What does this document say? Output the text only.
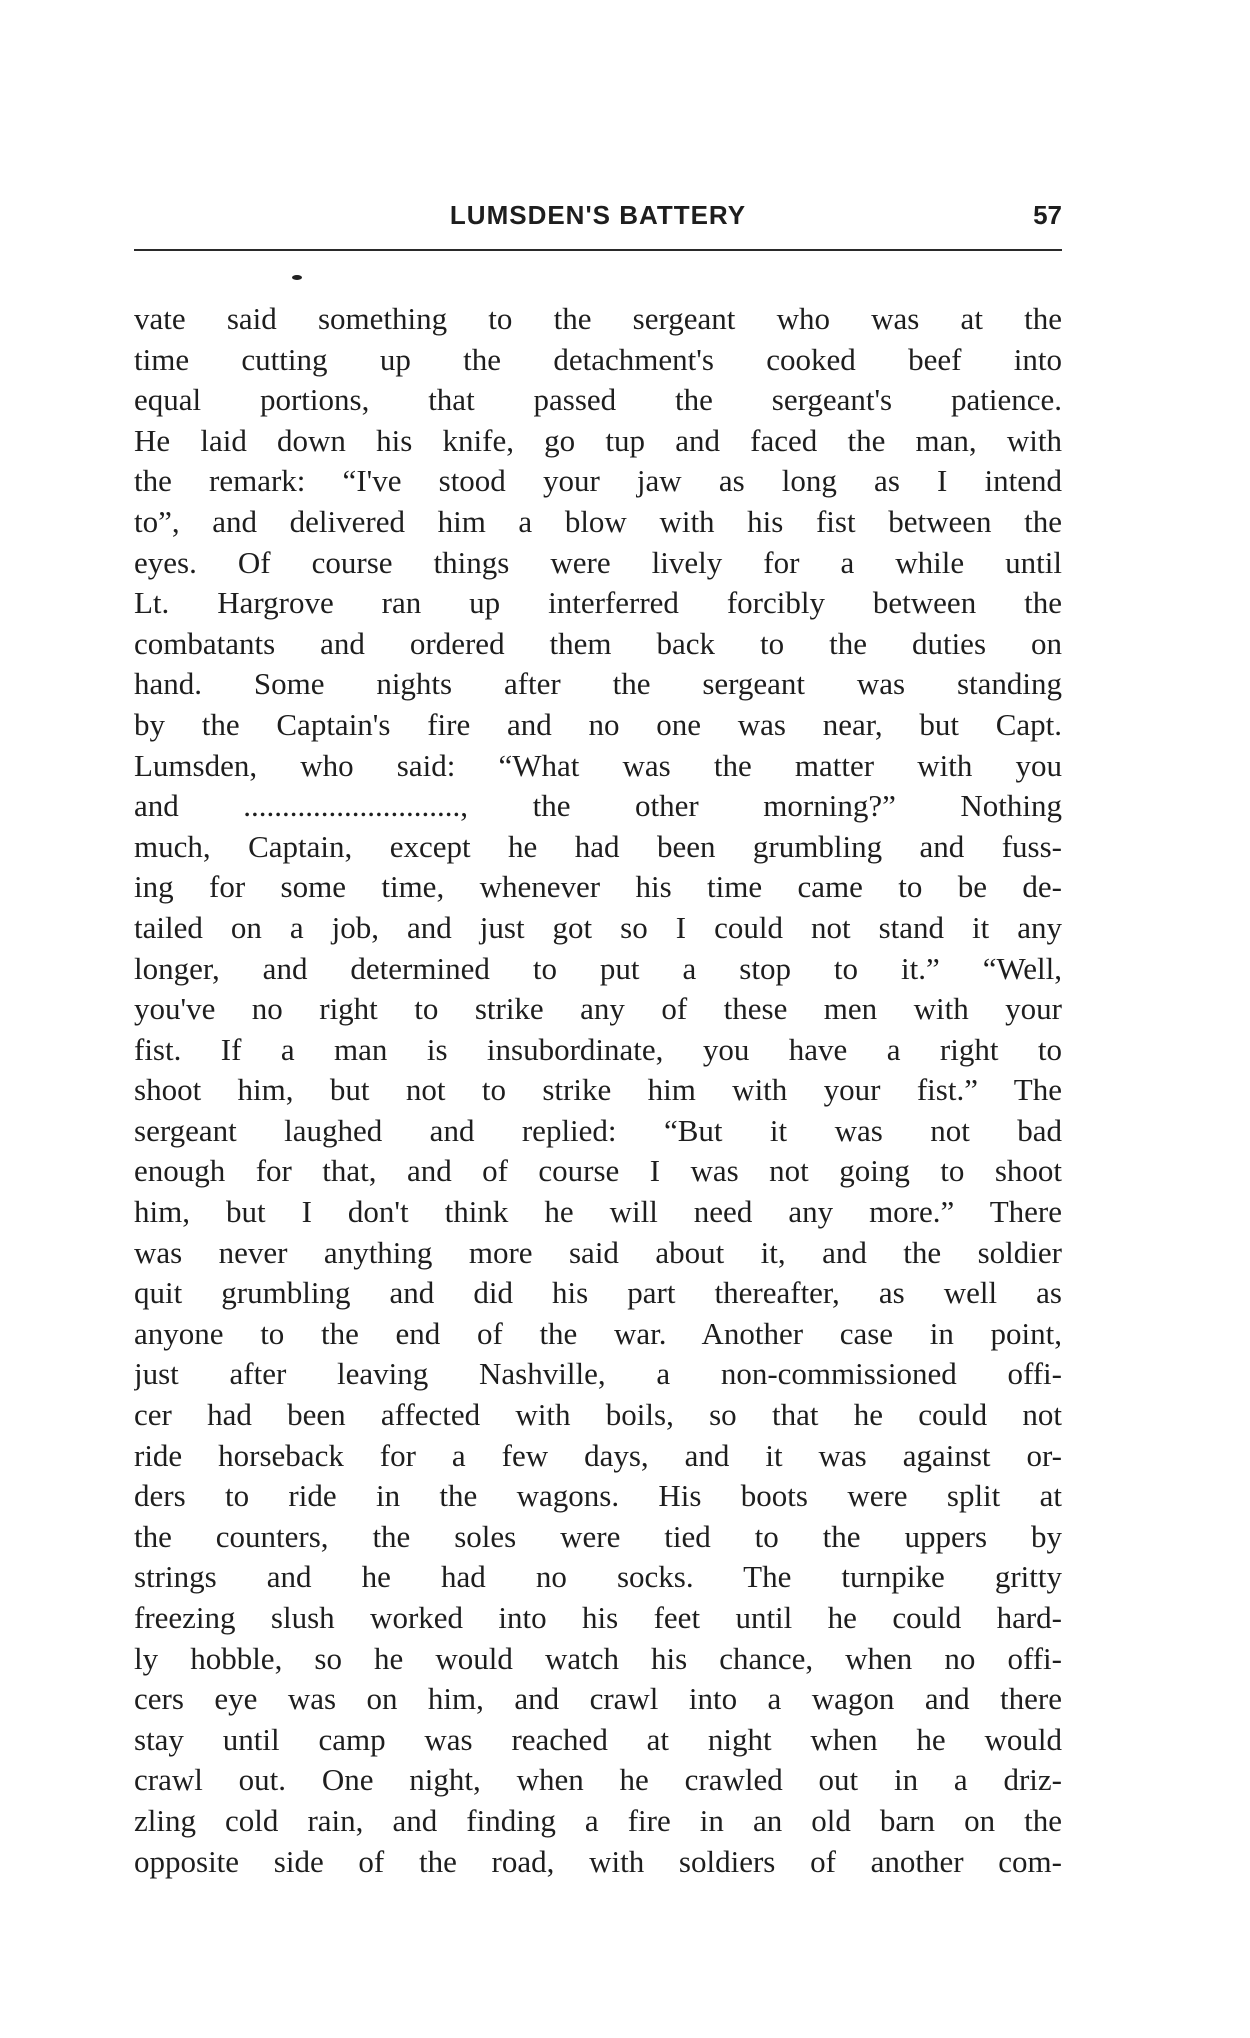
LUMSDEN'S BATTERY	57
vate said something to the sergeant who was at the
time cutting up the detachment's cooked beef into
equal portions, that passed the sergeant's patience.
He laid down his knife, go tup and faced the man, with
the remark: “I've stood your jaw as long as I intend
to”, and delivered him a blow with his fist between the
eyes. Of course things were lively for a while until
Lt. Hargrove ran up interferred forcibly between the
combatants and ordered them back to the duties on
hand. Some nights after the sergeant was standing
by the Captain's fire and no one was near, but Capt.
Lumsden, who said: “What was the matter with you
and ............................, the other morning?” Nothing
much, Captain, except he had been grumbling and fuss-
ing for some time, whenever his time came to be de-
tailed on a job, and just got so I could not stand it any
longer, and determined to put a stop to it.” “Well,
you've no right to strike any of these men with your
fist. If a man is insubordinate, you have a right to
shoot him, but not to strike him with your fist.” The
sergeant laughed and replied: “But it was not bad
enough for that, and of course I was not going to shoot
him, but I don't think he will need any more.” There
was never anything more said about it, and the soldier
quit grumbling and did his part thereafter, as well as
anyone to the end of the war. Another case in point,
just after leaving Nashville, a non-commissioned offi-
cer had been affected with boils, so that he could not
ride horseback for a few days, and it was against or-
ders to ride in the wagons. His boots were split at
the counters, the soles were tied to the uppers by
strings and he had no socks. The turnpike gritty
freezing slush worked into his feet until he could hard-
ly hobble, so he would watch his chance, when no offi-
cers eye was on him, and crawl into a wagon and there
stay until camp was reached at night when he would
crawl out. One night, when he crawled out in a driz-
zling cold rain, and finding a fire in an old barn on the
opposite side of the road, with soldiers of another com-
